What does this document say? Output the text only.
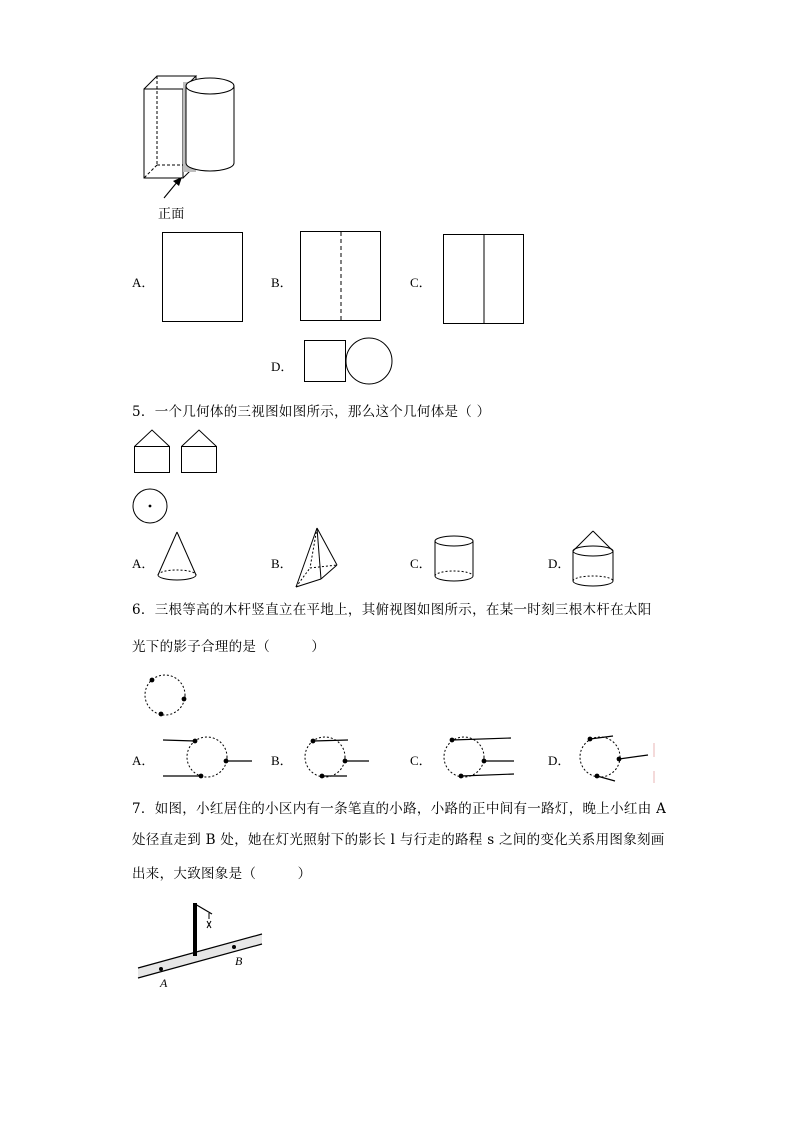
正面
A．	B．	C．
D．
5．一个几何体的三视图如图所示，那么这个几何体是（ ）
A．	B．	C．	D．
6．三根等高的木杆竖直立在平地上，其俯视图如图所示，在某一时刻三根木杆在太阳
光下的影子合理的是（　　　）
A．	B．	C．	D．
7．如图，小红居住的小区内有一条笔直的小路，小路的正中间有一路灯，晚上小红由 A
处径直走到 B 处，她在灯光照射下的影长 l 与行走的路程 s 之间的变化关系用图象刻画
出来，大致图象是（　　　）
A
B
